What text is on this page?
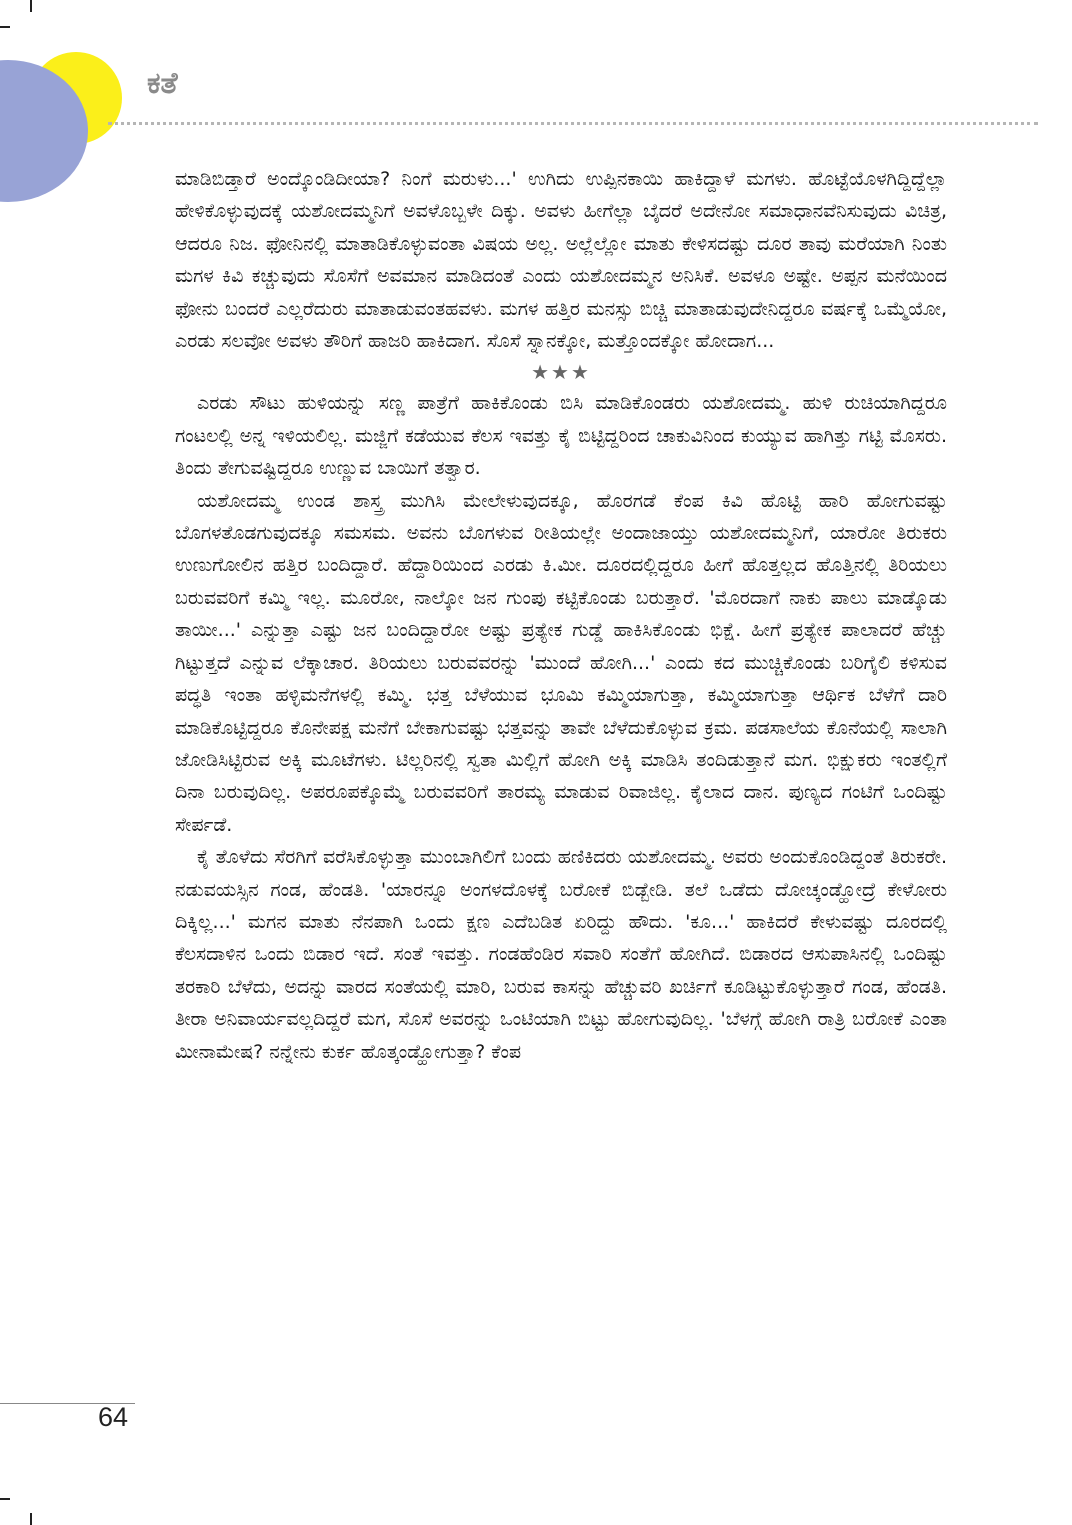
ಕತೆ

ಮಾಡಿಬಿಡ್ತಾರೆ ಅಂದ್ಕೊಂಡಿದೀಯಾ? ನಿಂಗೆ ಮರುಳು...' ಉಗಿದು ಉಪ್ಪಿನಕಾಯಿ ಹಾಕಿದ್ದಾಳೆ ಮಗಳು. ಹೊಟ್ಟೆಯೊಳಗಿದ್ದಿದ್ದೆಲ್ಲಾ ಹೇಳಿಕೊಳ್ಳುವುದಕ್ಕೆ ಯಶೋದಮ್ಮನಿಗೆ ಅವಳೊಬ್ಬಳೇ ದಿಕ್ಕು. ಅವಳು ಹೀಗೆಲ್ಲಾ ಬೈದರೆ ಅದೇನೋ ಸಮಾಧಾನವೆನಿಸುವುದು ವಿಚಿತ್ರ, ಆದರೂ ನಿಜ. ಫೋನಿನಲ್ಲಿ ಮಾತಾಡಿಕೊಳ್ಳುವಂತಾ ವಿಷಯ ಅಲ್ಲ. ಅಲ್ಲೆಲ್ಲೋ ಮಾತು ಕೇಳಿಸದಷ್ಟು ದೂರ ತಾವು ಮರೆಯಾಗಿ ನಿಂತು ಮಗಳ ಕಿವಿ ಕಚ್ಚುವುದು ಸೊಸೆಗೆ ಅವಮಾನ ಮಾಡಿದಂತೆ ಎಂದು ಯಶೋದಮ್ಮನ ಅನಿಸಿಕೆ. ಅವಳೂ ಅಷ್ಟೇ. ಅಪ್ಪನ ಮನೆಯಿಂದ ಫೋನು ಬಂದರೆ ಎಲ್ಲರೆದುರು ಮಾತಾಡುವಂತಹವಳು. ಮಗಳ ಹತ್ತಿರ ಮನಸ್ಸು ಬಿಚ್ಚಿ ಮಾತಾಡುವುದೇನಿದ್ದರೂ ವರ್ಷಕ್ಕೆ ಒಮ್ಮೆಯೋ, ಎರಡು ಸಲವೋ ಅವಳು ತೌರಿಗೆ ಹಾಜರಿ ಹಾಕಿದಾಗ. ಸೊಸೆ ಸ್ನಾನಕ್ಕೋ, ಮತ್ತೊಂದಕ್ಕೋ ಹೋದಾಗ...

★★★

ಎರಡು ಸೌಟು ಹುಳಿಯನ್ನು ಸಣ್ಣ ಪಾತ್ರೆಗೆ ಹಾಕಿಕೊಂಡು ಬಿಸಿ ಮಾಡಿಕೊಂಡರು ಯಶೋದಮ್ಮ. ಹುಳಿ ರುಚಿಯಾಗಿದ್ದರೂ ಗಂಟಲಲ್ಲಿ ಅನ್ನ ಇಳಿಯಲಿಲ್ಲ. ಮಜ್ಜಿಗೆ ಕಡೆಯುವ ಕೆಲಸ ಇವತ್ತು ಕೈ ಬಿಟ್ಟಿದ್ದರಿಂದ ಚಾಕುವಿನಿಂದ ಕುಯ್ಯುವ ಹಾಗಿತ್ತು ಗಟ್ಟಿ ಮೊಸರು. ತಿಂದು ತೇಗುವಷ್ಟಿದ್ದರೂ ಉಣ್ಣುವ ಬಾಯಿಗೆ ತತ್ವಾರ.

ಯಶೋದಮ್ಮ ಉಂಡ ಶಾಸ್ತ್ರ ಮುಗಿಸಿ ಮೇಲೇಳುವುದಕ್ಕೂ, ಹೊರಗಡೆ ಕೆಂಪ ಕಿವಿ ಹೊಟ್ಟಿ ಹಾರಿ ಹೋಗುವಷ್ಟು ಬೊಗಳತೊಡಗುವುದಕ್ಕೂ ಸಮಸಮ. ಅವನು ಬೊಗಳುವ ರೀತಿಯಲ್ಲೇ ಅಂದಾಜಾಯ್ತು ಯಶೋದಮ್ಮನಿಗೆ, ಯಾರೋ ತಿರುಕರು ಉಣುಗೋಲಿನ ಹತ್ತಿರ ಬಂದಿದ್ದಾರೆ. ಹೆದ್ದಾರಿಯಿಂದ ಎರಡು ಕಿ.ಮೀ. ದೂರದಲ್ಲಿದ್ದರೂ ಹೀಗೆ ಹೊತ್ತಲ್ಲದ ಹೊತ್ತಿನಲ್ಲಿ ತಿರಿಯಲು ಬರುವವರಿಗೆ ಕಮ್ಮಿ ಇಲ್ಲ. ಮೂರೋ, ನಾಲ್ಕೋ ಜನ ಗುಂಪು ಕಟ್ಟಿಕೊಂಡು ಬರುತ್ತಾರೆ. 'ಮೊರದಾಗೆ ನಾಕು ಪಾಲು ಮಾಡ್ಕೊಡು ತಾಯೀ...' ಎನ್ನುತ್ತಾ ಎಷ್ಟು ಜನ ಬಂದಿದ್ದಾರೋ ಅಷ್ಟು ಪ್ರತ್ಯೇಕ ಗುಡ್ಡೆ ಹಾಕಿಸಿಕೊಂಡು ಭಿಕ್ಷೆ. ಹೀಗೆ ಪ್ರತ್ಯೇಕ ಪಾಲಾದರೆ ಹೆಚ್ಚು ಗಿಟ್ಟುತ್ತದೆ ಎನ್ನುವ ಲೆಕ್ಕಾಚಾರ. ತಿರಿಯಲು ಬರುವವರನ್ನು 'ಮುಂದೆ ಹೋಗಿ...' ಎಂದು ಕದ ಮುಚ್ಚಿಕೊಂಡು ಬರಿಗೈಲಿ ಕಳಿಸುವ ಪದ್ಧತಿ ಇಂತಾ ಹಳ್ಳಿಮನೆಗಳಲ್ಲಿ ಕಮ್ಮಿ. ಭತ್ತ ಬೆಳೆಯುವ ಭೂಮಿ ಕಮ್ಮಿಯಾಗುತ್ತಾ, ಕಮ್ಮಿಯಾಗುತ್ತಾ ಆರ್ಥಿಕ ಬೆಳೆಗೆ ದಾರಿ ಮಾಡಿಕೊಟ್ಟಿದ್ದರೂ ಕೊನೇಪಕ್ಷ ಮನೆಗೆ ಬೇಕಾಗುವಷ್ಟು ಭತ್ತವನ್ನು ತಾವೇ ಬೆಳೆದುಕೊಳ್ಳುವ ಕ್ರಮ. ಪಡಸಾಲೆಯ ಕೊನೆಯಲ್ಲಿ ಸಾಲಾಗಿ ಜೋಡಿಸಿಟ್ಟಿರುವ ಅಕ್ಕಿ ಮೂಟೆಗಳು. ಟಿಲ್ಲರಿನಲ್ಲಿ ಸ್ವತಾ ಮಿಲ್ಲಿಗೆ ಹೋಗಿ ಅಕ್ಕಿ ಮಾಡಿಸಿ ತಂದಿಡುತ್ತಾನೆ ಮಗ. ಭಿಕ್ಷುಕರು ಇಂತಲ್ಲಿಗೆ ದಿನಾ ಬರುವುದಿಲ್ಲ. ಅಪರೂಪಕ್ಕೊಮ್ಮೆ ಬರುವವರಿಗೆ ತಾರಮ್ಯ ಮಾಡುವ ರಿವಾಜಿಲ್ಲ. ಕೈಲಾದ ದಾನ. ಪುಣ್ಯದ ಗಂಟಿಗೆ ಒಂದಿಷ್ಟು ಸೇರ್ಪಡೆ.

ಕೈ ತೊಳೆದು ಸೆರಗಿಗೆ ವರೆಸಿಕೊಳ್ಳುತ್ತಾ ಮುಂಬಾಗಿಲಿಗೆ ಬಂದು ಹಣಿಕಿದರು ಯಶೋದಮ್ಮ. ಅವರು ಅಂದುಕೊಂಡಿದ್ದಂತೆ ತಿರುಕರೇ. ನಡುವಯಸ್ಸಿನ ಗಂಡ, ಹೆಂಡತಿ. 'ಯಾರನ್ನೂ ಅಂಗಳದೊಳಕ್ಕೆ ಬರೋಕೆ ಬಿಡ್ಬೇಡಿ. ತಲೆ ಒಡೆದು ದೋಚ್ಕಂಡ್ಹೋದ್ರೆ ಕೇಳೋರು ದಿಕ್ಕಿಲ್ಲ...' ಮಗನ ಮಾತು ನೆನಪಾಗಿ ಒಂದು ಕ್ಷಣ ಎದೆಬಡಿತ ಏರಿದ್ದು ಹೌದು. 'ಕೂ...' ಹಾಕಿದರೆ ಕೇಳುವಷ್ಟು ದೂರದಲ್ಲಿ ಕೆಲಸದಾಳಿನ ಒಂದು ಬಿಡಾರ ಇದೆ. ಸಂತೆ ಇವತ್ತು. ಗಂಡಹೆಂಡಿರ ಸವಾರಿ ಸಂತೆಗೆ ಹೋಗಿದೆ. ಬಿಡಾರದ ಆಸುಪಾಸಿನಲ್ಲಿ ಒಂದಿಷ್ಟು ತರಕಾರಿ ಬೆಳೆದು, ಅದನ್ನು ವಾರದ ಸಂತೆಯಲ್ಲಿ ಮಾರಿ, ಬರುವ ಕಾಸನ್ನು ಹೆಚ್ಚುವರಿ ಖರ್ಚಿಗೆ ಕೂಡಿಟ್ಟುಕೊಳ್ಳುತ್ತಾರೆ ಗಂಡ, ಹೆಂಡತಿ. ತೀರಾ ಅನಿವಾರ್ಯವಲ್ಲದಿದ್ದರೆ ಮಗ, ಸೊಸೆ ಅವರನ್ನು ಒಂಟಿಯಾಗಿ ಬಿಟ್ಟು ಹೋಗುವುದಿಲ್ಲ. 'ಬೆಳಗ್ಗೆ ಹೋಗಿ ರಾತ್ರಿ ಬರೋಕೆ ಎಂತಾ ಮೀನಾಮೇಷ? ನನ್ನೇನು ಕುರ್ಕ ಹೊತ್ಕಂಡ್ಹೋಗುತ್ತಾ? ಕೆಂಪ

64
